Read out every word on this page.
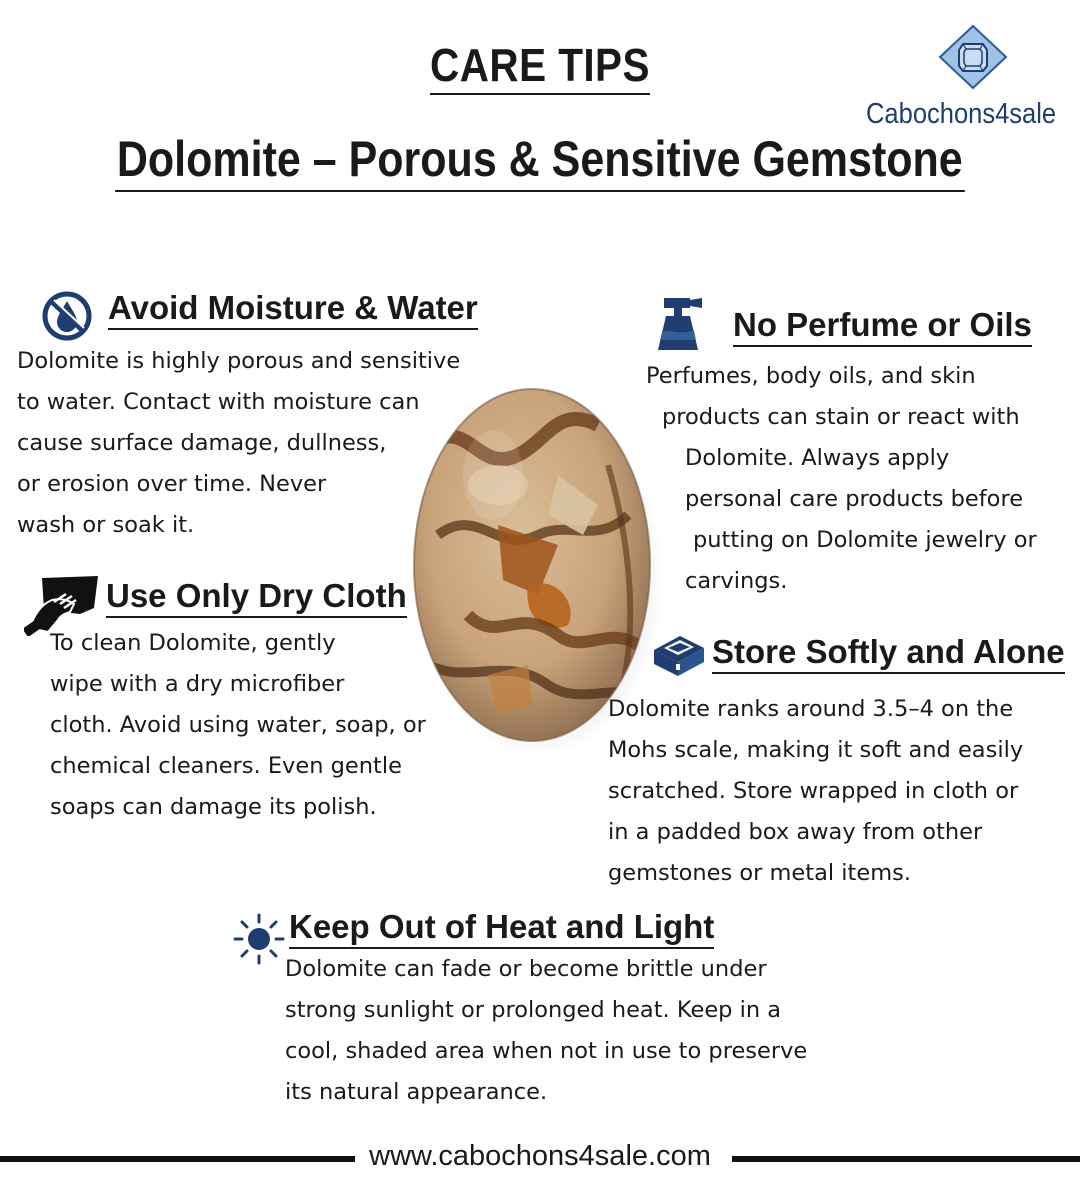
CARE TIPS
Dolomite – Porous & Sensitive Gemstone
Cabochons4sale
Avoid Moisture & Water
Dolomite is highly porous and sensitive
to water. Contact with moisture can
cause surface damage, dullness,
or erosion over time. Never
wash or soak it.
No Perfume or Oils
Perfumes, body oils, and skin
products can stain or react with
Dolomite. Always apply
personal care products before
putting on Dolomite jewelry or
carvings.
Use Only Dry Cloth
To clean Dolomite, gently
wipe with a dry microfiber
cloth. Avoid using water, soap, or
chemical cleaners. Even gentle
soaps can damage its polish.
Store Softly and Alone
Dolomite ranks around 3.5–4 on the
Mohs scale, making it soft and easily
scratched. Store wrapped in cloth or
in a padded box away from other
gemstones or metal items.
Keep Out of Heat and Light
Dolomite can fade or become brittle under
strong sunlight or prolonged heat. Keep in a
cool, shaded area when not in use to preserve
its natural appearance.
www.cabochons4sale.com
